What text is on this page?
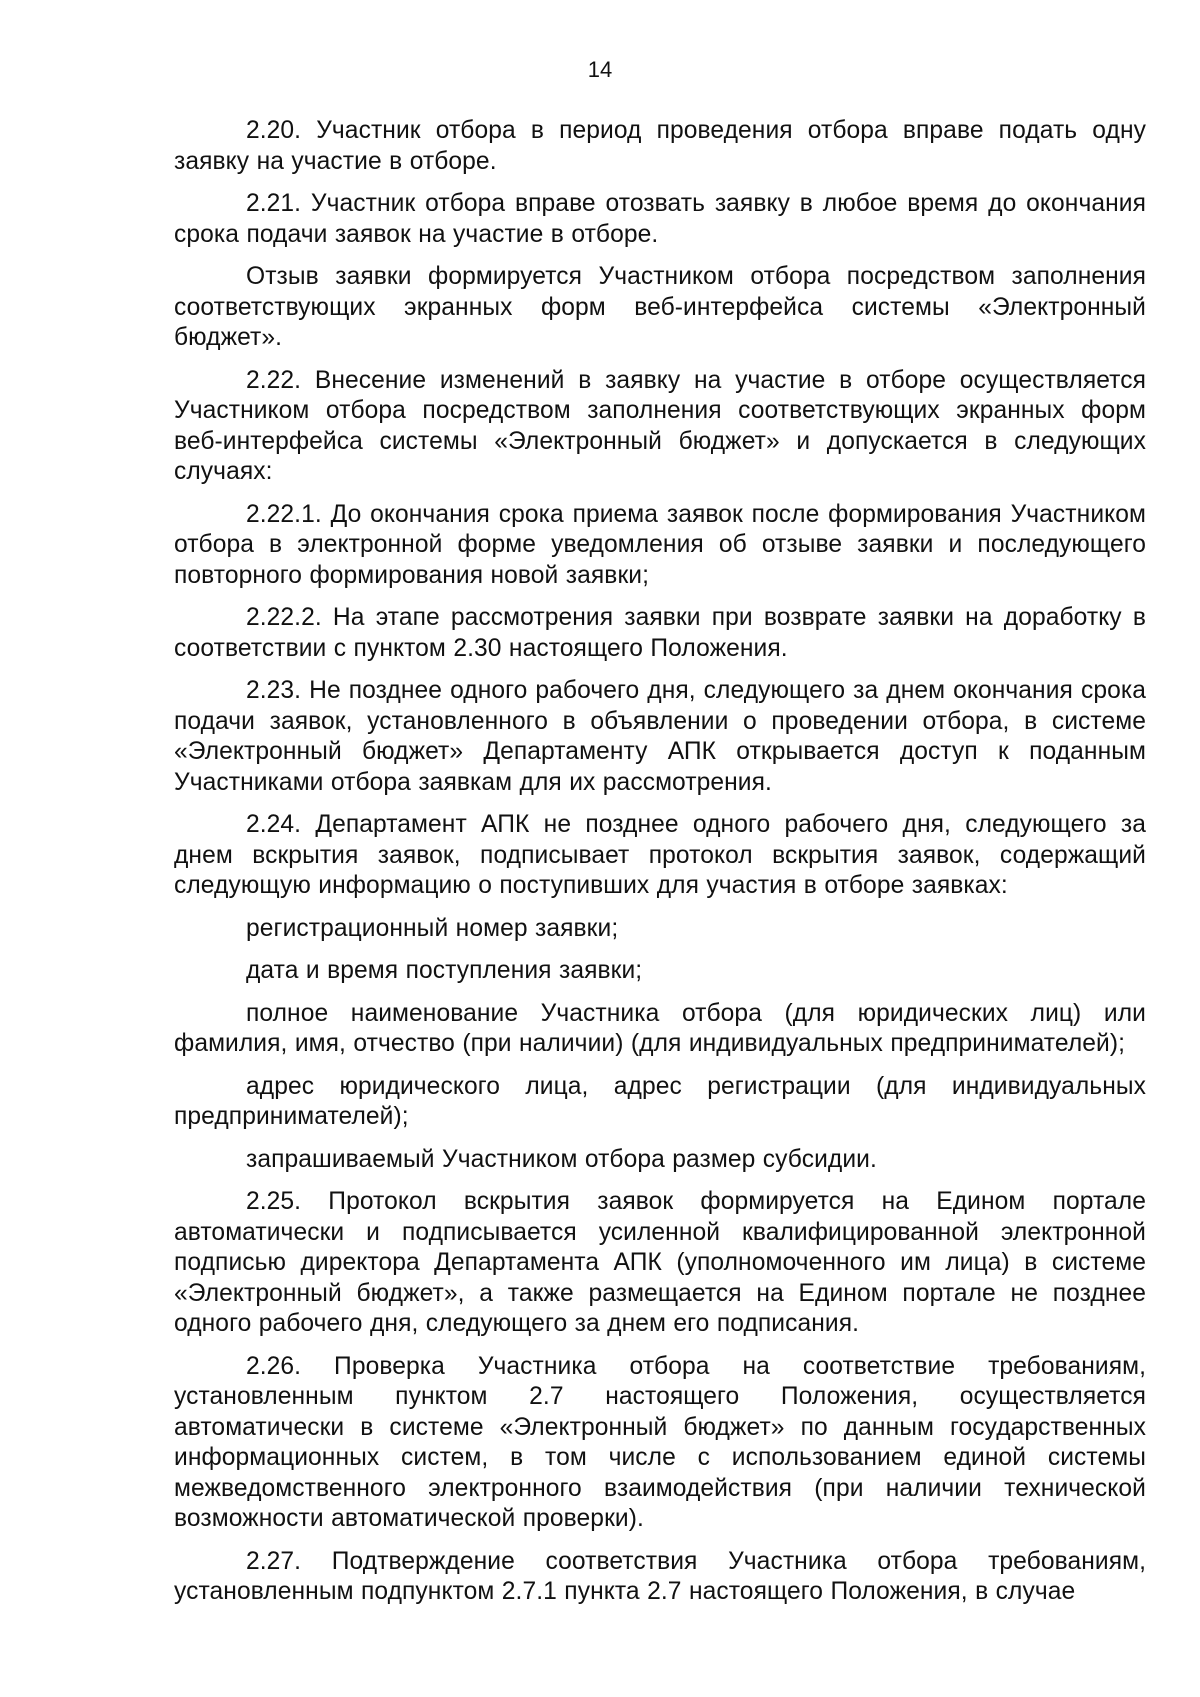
14

2.20. Участник отбора в период проведения отбора вправе подать одну заявку на участие в отборе.

2.21. Участник отбора вправе отозвать заявку в любое время до окончания срока подачи заявок на участие в отборе.

Отзыв заявки формируется Участником отбора посредством заполнения соответствующих экранных форм веб-интерфейса системы «Электронный бюджет».

2.22. Внесение изменений в заявку на участие в отборе осуществляется Участником отбора посредством заполнения соответствующих экранных форм веб-интерфейса системы «Электронный бюджет» и допускается в следующих случаях:

2.22.1. До окончания срока приема заявок после формирования Участником отбора в электронной форме уведомления об отзыве заявки и последующего повторного формирования новой заявки;

2.22.2. На этапе рассмотрения заявки при возврате заявки на доработку в соответствии с пунктом 2.30 настоящего Положения.

2.23. Не позднее одного рабочего дня, следующего за днем окончания срока подачи заявок, установленного в объявлении о проведении отбора, в системе «Электронный бюджет» Департаменту АПК открывается доступ к поданным Участниками отбора заявкам для их рассмотрения.

2.24. Департамент АПК не позднее одного рабочего дня, следующего за днем вскрытия заявок, подписывает протокол вскрытия заявок, содержащий следующую информацию о поступивших для участия в отборе заявках:

регистрационный номер заявки;

дата и время поступления заявки;

полное наименование Участника отбора (для юридических лиц) или фамилия, имя, отчество (при наличии) (для индивидуальных предпринимателей);

адрес юридического лица, адрес регистрации (для индивидуальных предпринимателей);

запрашиваемый Участником отбора размер субсидии.

2.25. Протокол вскрытия заявок формируется на Едином портале автоматически и подписывается усиленной квалифицированной электронной подписью директора Департамента АПК (уполномоченного им лица) в системе «Электронный бюджет», а также размещается на Едином портале не позднее одного рабочего дня, следующего за днем его подписания.

2.26. Проверка Участника отбора на соответствие требованиям, установленным пунктом 2.7 настоящего Положения, осуществляется автоматически в системе «Электронный бюджет» по данным государственных информационных систем, в том числе с использованием единой системы межведомственного электронного взаимодействия (при наличии технической возможности автоматической проверки).

2.27. Подтверждение соответствия Участника отбора требованиям, установленным подпунктом 2.7.1 пункта 2.7 настоящего Положения, в случае
